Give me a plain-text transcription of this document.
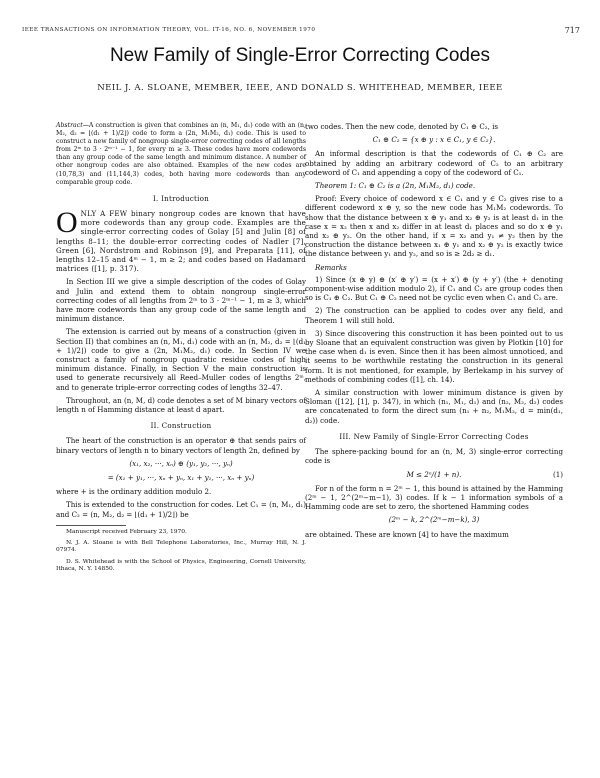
IEEE TRANSACTIONS ON INFORMATION THEORY, VOL. IT-16, NO. 6, NOVEMBER 1970	717
New Family of Single-Error Correcting Codes
NEIL J. A. SLOANE, MEMBER, IEEE, AND DONALD S. WHITEHEAD, MEMBER, IEEE

Abstract—A construction is given that combines an (n, M₁, d₁) code with an (n, M₂, d₂ = ⌊(d₁ + 1)/2⌋) code to form a (2n, M₁M₂, d₁) code. This is used to construct a new family of nongroup single-error correcting codes of all lengths from 2ᵐ to 3 · 2ᵐ⁻¹ − 1, for every m ≥ 3. These codes have more codewords than any group code of the same length and minimum distance. A number of other nongroup codes are also obtained. Examples of the new codes are (10,78,3) and (11,144,3) codes, both having more codewords than any comparable group code.

I. Introduction

ONLY A FEW binary nongroup codes are known that have more codewords than any group code. Examples are the single-error correcting codes of Golay [5] and Julin [8] of lengths 8–11; the double-error correcting codes of Nadler [7], Green [6], Nordstrom and Robinson [9], and Preparata [11], of lengths 12–15 and 4ᵐ − 1, m ≥ 2; and codes based on Hadamard matrices ([1], p. 317).

In Section III we give a simple description of the codes of Golay and Julin and extend them to obtain nongroup single-error correcting codes of all lengths from 2ᵐ to 3 · 2ᵐ⁻¹ − 1, m ≥ 3, which have more codewords than any group code of the same length and minimum distance.

The extension is carried out by means of a construction (given in Section II) that combines an (n, M₁, d₁) code with an (n, M₂, d₂ = ⌊(d₁ + 1)/2⌋) code to give a (2n, M₁M₂, d₁) code. In Section IV we construct a family of nongroup quadratic residue codes of high minimum distance. Finally, in Section V the main construction is used to generate recursively all Reed–Muller codes of lengths 2ᵐ, and to generate triple-error correcting codes of lengths 32–47.

Throughout, an (n, M, d) code denotes a set of M binary vectors of length n of Hamming distance at least d apart.

II. Construction

The heart of the construction is an operator ⊕ that sends pairs of binary vectors of length n to binary vectors of length 2n, defined by

(x₁, x₂, ···, xₙ) ⊕ (y₁, y₂, ···, yₙ)
= (x₁ + y₁, ···, xₙ + yₙ, x₁ + y₁, ···, xₙ + yₙ)

where + is the ordinary addition modulo 2.

This is extended to the construction for codes. Let C₁ = (n, M₁, d₁) and C₂ = (n, M₂, d₂ = ⌊(d₁ + 1)/2⌋) be

Manuscript received February 23, 1970.

N. J. A. Sloane is with Bell Telephone Laboratories, Inc., Murray Hill, N. J. 07974.

D. S. Whitehead is with the School of Physics, Engineering, Cornell University, Ithaca, N. Y. 14850.

two codes. Then the new code, denoted by C₁ ⊕ C₂, is

C₁ ⊕ C₂ = {x ⊕ y : x ∈ C₁, y ∈ C₂}.

An informal description is that the codewords of C₁ ⊕ C₂ are obtained by adding an arbitrary codeword of C₂ to an arbitrary codeword of C₁ and appending a copy of the codeword of C₁.

Theorem 1: C₁ ⊕ C₂ is a (2n, M₁M₂, d₁) code.

Proof: Every choice of codeword x ∈ C₁ and y ∈ C₂ gives rise to a different codeword x ⊕ y, so the new code has M₁M₂ codewords. To show that the distance between x ⊕ y₁ and x₂ ⊕ y₂ is at least d₁ in the case x = x₂ then x and x₂ differ in at least d₁ places and so do x ⊕ y₁ and x₂ ⊕ y₂. On the other hand, if x = x₂ and y₁ ≠ y₂ then by the construction the distance between x₁ ⊕ y₁ and x₂ ⊕ y₂ is exactly twice the distance between y₁ and y₂, and so is ≥ 2d₂ ≥ d₁.

Remarks

1) Since (x ⊕ y) ⊕ (x′ ⊕ y′) = (x + x′) ⊕ (y + y′) (the + denoting component-wise addition modulo 2), if C₁ and C₂ are group codes then so is C₁ ⊕ C₂. But C₁ ⊕ C₂ need not be cyclic even when C₁ and C₂ are.

2) The construction can be applied to codes over any field, and Theorem 1 will still hold.

3) Since discovering this construction it has been pointed out to us by Sloane that an equivalent construction was given by Plotkin [10] for the case when d₁ is even. Since then it has been almost unnoticed, and it seems to be worthwhile restating the construction in its general form. It is not mentioned, for example, by Berlekamp in his survey of methods of combining codes ([1], ch. 14).

A similar construction with lower minimum distance is given by Sloman ([12], [1], p. 347), in which (n₁, M₁, d₁) and (n₂, M₂, d₂) codes are concatenated to form the direct sum (n₁ + n₂, M₁M₂, d = min(d₁, d₂)) code.

III. New Family of Single-Error Correcting Codes

The sphere-packing bound for an (n, M, 3) single-error correcting code is

M ≤ 2ⁿ/(1 + n).	(1)

For n of the form n = 2ᵐ − 1, this bound is attained by the Hamming (2ᵐ − 1, 2^(2ᵐ−m−1), 3) codes. If k − 1 information symbols of a Hamming code are set to zero, the shortened Hamming codes

(2ᵐ − k, 2^(2ᵐ−m−k), 3)

are obtained. These are known [4] to have the maximum
